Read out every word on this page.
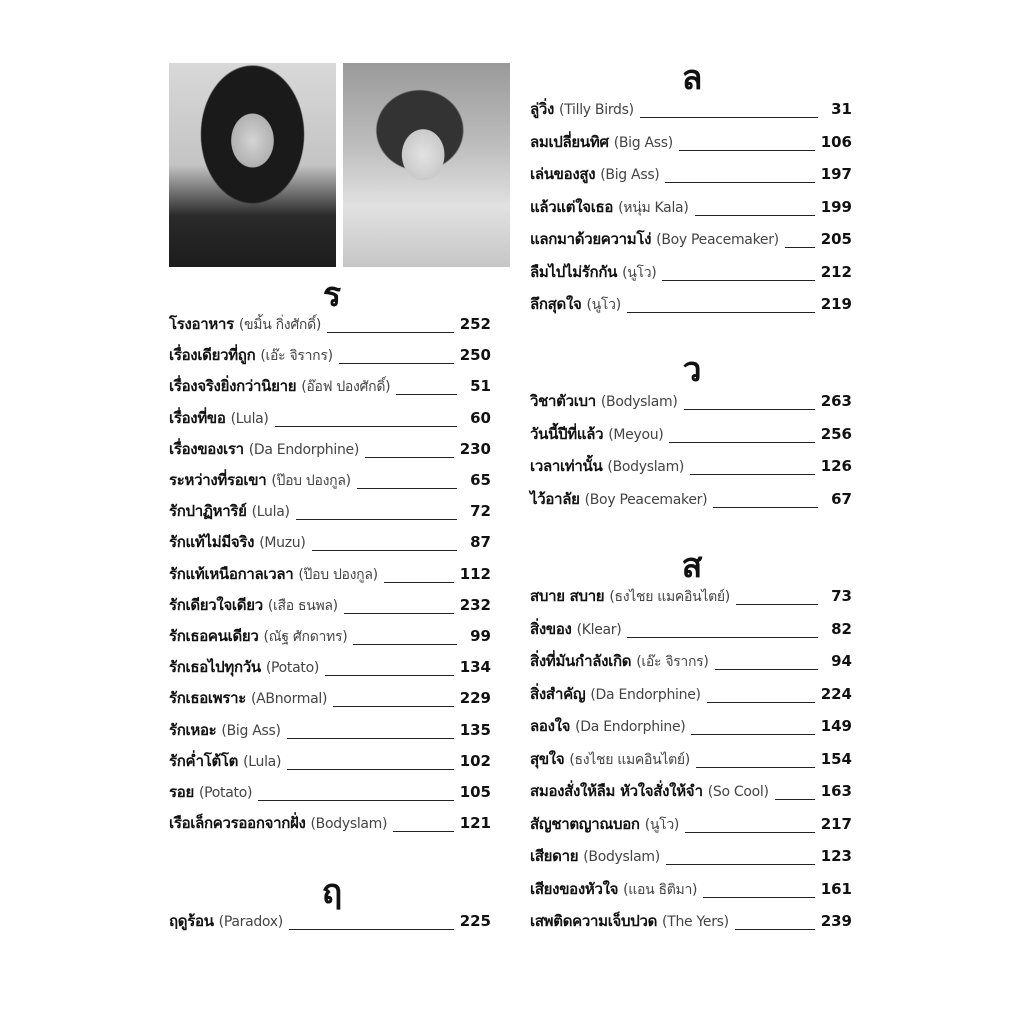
ร
ฤ
ล
ว
ส
โรงอาหาร (ขมิ้น กิ่งศักดิ์)	252
เรื่องเดียวที่ถูก (เอ๊ะ จิรากร)	250
เรื่องจริงยิ่งกว่านิยาย (อ๊อฟ ปองศักดิ์)	51
เรื่องที่ขอ (Lula)	60
เรื่องของเรา (Da Endorphine)	230
ระหว่างที่รอเขา (ป๊อบ ปองกูล)	65
รักปาฏิหาริย์ (Lula)	72
รักแท้ไม่มีจริง (Muzu)	87
รักแท้เหนือกาลเวลา (ป๊อบ ปองกูล)	112
รักเดียวใจเดียว (เสือ ธนพล)	232
รักเธอคนเดียว (ณัฐ ศักดาทร)	99
รักเธอไปทุกวัน (Potato)	134
รักเธอเพราะ (ABnormal)	229
รักเหอะ (Big Ass)	135
รักค่ำโต้โต (Lula)	102
รอย (Potato)	105
เรือเล็กควรออกจากฝั่ง (Bodyslam)	121
ฤดูร้อน (Paradox)	225
ลู่วิ่ง (Tilly Birds)	31
ลมเปลี่ยนทิศ (Big Ass)	106
เล่นของสูง (Big Ass)	197
แล้วแต่ใจเธอ (หนุ่ม Kala)	199
แลกมาด้วยความโง่ (Boy Peacemaker)	205
ลืมไปไม่รักกัน (นูโว)	212
ลึกสุดใจ (นูโว)	219
วิชาตัวเบา (Bodyslam)	263
วันนี้ปีที่แล้ว (Meyou)	256
เวลาเท่านั้น (Bodyslam)	126
ไว้อาลัย (Boy Peacemaker)	67
สบาย สบาย (ธงไชย แมคอินไตย์)	73
สิ่งของ (Klear)	82
สิ่งที่มันกำลังเกิด (เอ๊ะ จิรากร)	94
สิ่งสำคัญ (Da Endorphine)	224
ลองใจ (Da Endorphine)	149
สุขใจ (ธงไชย แมคอินไตย์)	154
สมองสั่งให้ลืม หัวใจสั่งให้จำ (So Cool)	163
สัญชาตญาณบอก (นูโว)	217
เสียดาย (Bodyslam)	123
เสียงของหัวใจ (แอน ธิติมา)	161
เสพติดความเจ็บปวด (The Yers)	239
